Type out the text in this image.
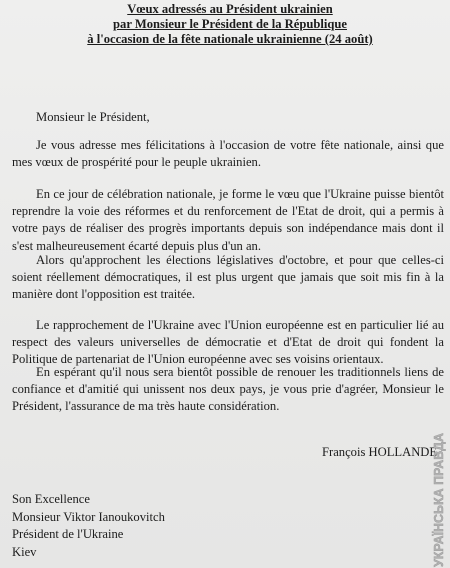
Vœux adressés au Président ukrainien

par Monsieur le Président de la République

à l'occasion de la fête nationale ukrainienne (24 août)

Monsieur le Président,

Je vous adresse mes félicitations à l'occasion de votre fête nationale, ainsi que mes vœux de prospérité pour le peuple ukrainien.

En ce jour de célébration nationale, je forme le vœu que l'Ukraine puisse bientôt reprendre la voie des réformes et du renforcement de l'Etat de droit, qui a permis à votre pays de réaliser des progrès importants depuis son indépendance mais dont il s'est malheureusement écarté depuis plus d'un an.

Alors qu'approchent les élections législatives d'octobre, et pour que celles-ci soient réellement démocratiques, il est plus urgent que jamais que soit mis fin à la manière dont l'opposition est traitée.

Le rapprochement de l'Ukraine avec l'Union européenne est en particulier lié au respect des valeurs universelles de démocratie et d'Etat de droit qui fondent la Politique de partenariat de l'Union européenne avec ses voisins orientaux.

En espérant qu'il nous sera bientôt possible de renouer les traditionnels liens de confiance et d'amitié qui unissent nos deux pays, je vous prie d'agréer, Monsieur le Président, l'assurance de ma très haute considération.

François HOLLANDE

Son Excellence
Monsieur Viktor Ianoukovitch
Président de l'Ukraine
Kiev	УКРАЇНСЬКА ПРАВДА
